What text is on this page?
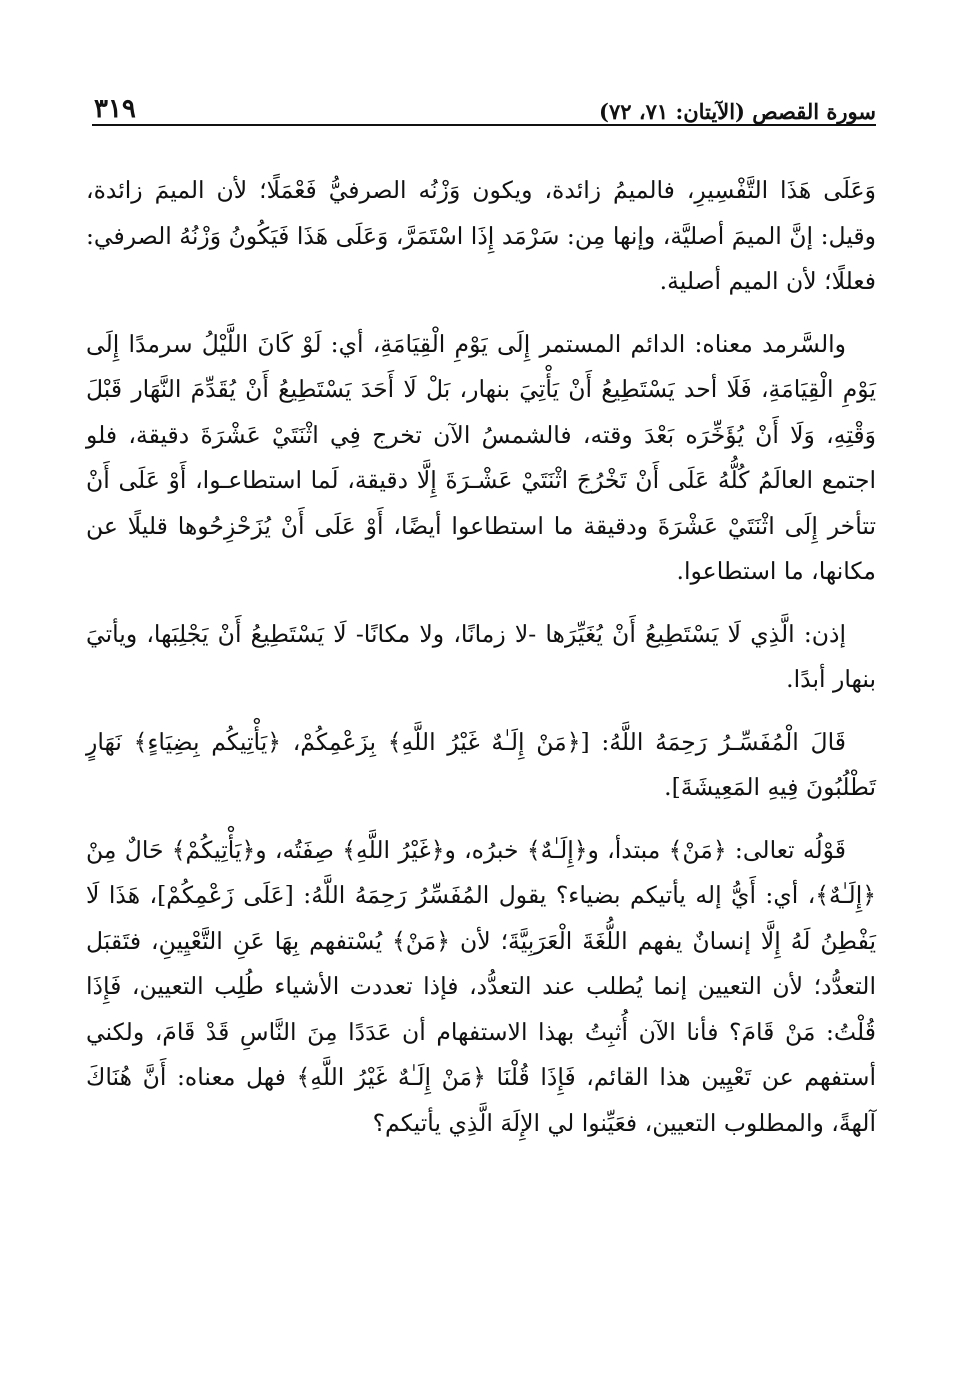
٣١٩	سورة القصص (الآيتان: ٧١، ٧٢)

وَعَلَى هَذَا التَّفْسِيرِ، فالميمُ زائدة، ويكون وَزْنُه الصرفيُّ فَعْمَلًا؛ لأن الميمَ زائدة، وقيل: إنَّ الميمَ أصليَّة، وإنها مِن: سَرْمَد إِذَا اسْتَمَرَّ، وَعَلَى هَذَا فَيَكُونُ وَزْنُهُ الصرفي: فعللًا؛ لأن الميم أصلية.

والسَّرمد معناه: الدائم المستمر إِلَى يَوْمِ الْقِيَامَةِ، أي: لَوْ كَانَ اللَّيْلُ سرمدًا إِلَى يَوْمِ الْقِيَامَةِ، فَلَا أحد يَسْتَطِيعُ أَنْ يَأْتِيَ بنهار، بَلْ لَا أَحَدَ يَسْتَطِيعُ أَنْ يُقَدِّمَ النَّهَار قَبْلَ وَقْتِهِ، وَلَا أَنْ يُؤَخِّرَه بَعْدَ وقته، فالشمسُ الآن تخرج فِي اثْنَتَيْ عَشْرَةَ دقيقة، فلو اجتمع العالَمُ كُلُّهُ عَلَى أَنْ تَخْرُجَ اثْنَتَيْ عَشْـرَةَ إِلَّا دقيقة، لَما استطاعـوا، أَوْ عَلَى أَنْ تتأخر إِلَى اثْنَتَيْ عَشْرَةَ ودقيقة ما استطاعوا أيضًا، أَوْ عَلَى أَنْ يُزَحْزِحُوها قليلًا عن مكانها، ما استطاعوا.

إذن: الَّذِي لَا يَسْتَطِيعُ أَنْ يُغَيِّرَها -لا زمانًا، ولا مكانًا- لَا يَسْتَطِيعُ أَنْ يَجْلِبَها، ويأتيَ بنهار أبدًا.

قَالَ الْمُفَسِّـرُ رَحِمَهُ اللَّهُ: [﴿مَنْ إِلَـٰهٌ غَيْرُ اللَّهِ﴾ بِزَعْمِكُمْ، ﴿يَأْتِيكُم بِضِيَاءٍ﴾ نَهَارٍ تَطْلُبُونَ فِيهِ المَعِيشَةَ].

قَوْلُه تعالى: ﴿مَنْ﴾ مبتدأ، و﴿إِلَـٰهٌ﴾ خبرُه، و﴿غَيْرُ اللَّهِ﴾ صِفَتُه، و﴿يَأْتِيكُمْ﴾ حَالٌ مِنْ ﴿إِلَـٰهٌ﴾، أي: أَيُّ إله يأتيكم بضياء؟ يقول المُفَسِّرُ رَحِمَهُ اللَّهُ: [عَلَى زَعْمِكُمْ]، هَذَا لَا يَفْطِنُ لَهُ إِلَّا إنسانٌ يفهم اللُّغَةَ الْعَرَبِيَّةَ؛ لأن ﴿مَنْ﴾ يُسْتفهم بِهَا عَنِ التَّعْيِينِ، فتَقبَل التعدُّد؛ لأن التعيين إنما يُطلب عند التعدُّد، فإذا تعددت الأشياء طُلِب التعيين، فَإِذَا قُلْتُ: مَنْ قَامَ؟ فأنا الآن أُثبِتُ بهذا الاستفهام أن عَدَدًا مِنَ النَّاسِ قَدْ قَامَ، ولكني أستفهم عن تَعْيِين هذا القائم، فَإِذَا قُلْنَا ﴿مَنْ إِلَـٰهٌ غَيْرُ اللَّهِ﴾ فهل معناه: أَنَّ هُنَاكَ آلهةً، والمطلوب التعيين، فعَيِّنوا لي الإِلَهَ الَّذِي يأتيكم؟
